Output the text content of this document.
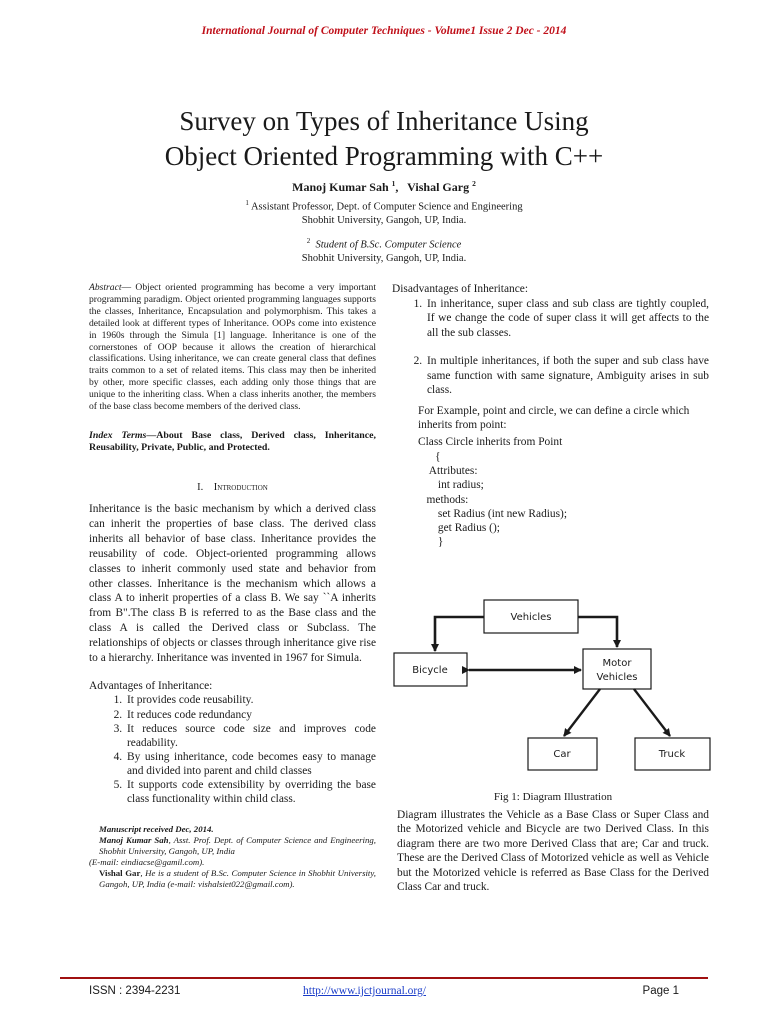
International Journal of Computer Techniques - Volume1 Issue 2 Dec - 2014
Survey on Types of Inheritance Using
Object Oriented Programming with C++
Manoj Kumar Sah $^1$, Vishal Garg $^2$
$^1$ Assistant Professor, Dept. of Computer Science and Engineering
Shobhit University, Gangoh, UP, India.
$^2$ Student of B.Sc. Computer Science
Shobhit University, Gangoh, UP, India.

Abstract— Object oriented programming has become a very important programming paradigm. Object oriented programming languages supports the classes, Inheritance, Encapsulation and polymorphism. This takes a detailed look at different types of Inheritance. OOPs come into existence in 1960s through the Simula [1] language. Inheritance is one of the cornerstones of OOP because it allows the creation of hierarchical classifications. Using inheritance, we can create general class that defines traits common to a set of related items. This class may then be inherited by other, more specific classes, each adding only those things that are unique to the inheriting class. When a class inherits another, the members of the base class become members of the derived class.

Index Terms—About Base class, Derived class, Inheritance, Reusability, Private, Public, and Protected.

I. Introduction

Inheritance is the basic mechanism by which a derived class can inherit the properties of base class. The derived class inherits all behavior of base class. Inheritance provides the reusability of code. Object-oriented programming allows classes to inherit commonly used state and behavior from other classes. Inheritance is the mechanism which allows a class A to inherit properties of a class B. We say ``A inherits from B".The class B is referred to as the Base class and the class A is called the Derived class or Subclass. The relationships of objects or classes through inheritance give rise to a hierarchy. Inheritance was invented in 1967 for Simula.

Advantages of Inheritance:

1. It provides code reusability.
2. It reduces code redundancy
3. It reduces source code size and improves code readability.
4. By using inheritance, code becomes easy to manage and divided into parent and child classes
5. It supports code extensibility by overriding the base class functionality within child class.

Manuscript received Dec, 2014.

Manoj Kumar Sah, Asst. Prof. Dept. of Computer Science and Engineering, Shobhit University, Gangoh, UP, India

(E-mail: eindiacse@gamil.com).

Vishal Gar, He is a student of B.Sc. Computer Science in Shobhit University, Gangoh, UP, India (e-mail: vishalsiet022@gmail.com).

Disadvantages of Inheritance:

1. In inheritance, super class and sub class are tightly coupled, If we change the code of super class it will get affects to the all the sub classes.
2. In multiple inheritances, if both the super and sub class have same function with same signature, Ambiguity arises in sub class.

For Example, point and circle, we can define a circle which inherits from point:

Class Circle inherits from Point
{
Attributes:
int radius;
methods:
set Radius (int new Radius);
get Radius ();
}
Vehicles
Bicycle
Motor
Vehicles
Car	Truck
Fig 1: Diagram Illustration
Diagram illustrates the Vehicle as a Base Class or Super Class and the Motorized vehicle and Bicycle are two Derived Class. In this diagram there are two more Derived Class that are; Car and truck. These are the Derived Class of Motorized vehicle as well as Vehicle but the Motorized vehicle is referred as Base Class for the Derived Class Car and truck.
ISSN : 2394-2231	http://www.ijctjournal.org/	Page 1
